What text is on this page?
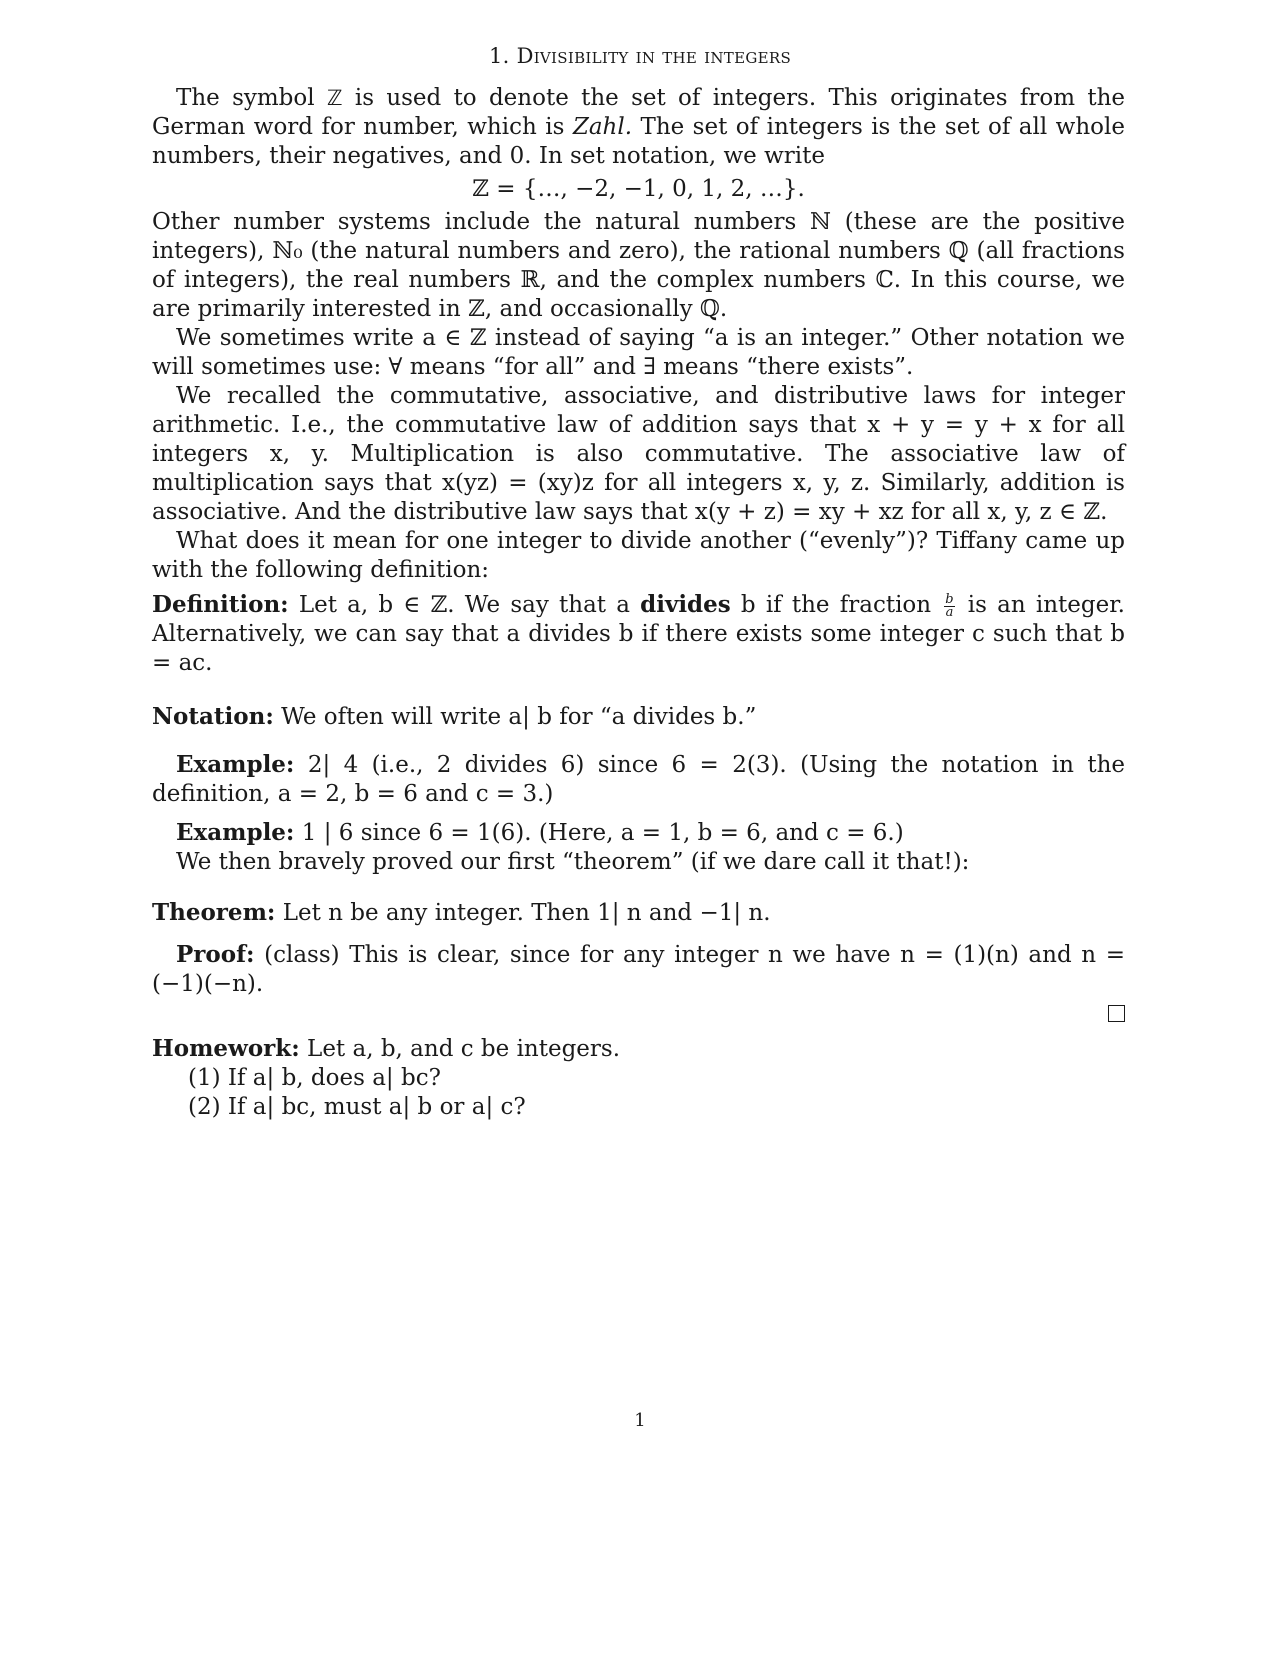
1. Divisibility in the integers

The symbol ℤ is used to denote the set of integers. This originates from the German word for number, which is Zahl. The set of integers is the set of all whole numbers, their negatives, and 0. In set notation, we write

ℤ = {…, −2, −1, 0, 1, 2, …}.

Other number systems include the natural numbers ℕ (these are the positive integers), ℕ₀ (the natural numbers and zero), the rational numbers ℚ (all fractions of integers), the real numbers ℝ, and the complex numbers ℂ. In this course, we are primarily interested in ℤ, and occasionally ℚ.

We sometimes write a ∈ ℤ instead of saying “a is an integer.” Other notation we will sometimes use: ∀ means “for all” and ∃ means “there exists”.

We recalled the commutative, associative, and distributive laws for integer arithmetic. I.e., the commutative law of addition says that x + y = y + x for all integers x, y. Multiplication is also commutative. The associative law of multiplication says that x(yz) = (xy)z for all integers x, y, z. Similarly, addition is associative. And the distributive law says that x(y + z) = xy + xz for all x, y, z ∈ ℤ.

What does it mean for one integer to divide another (“evenly”)? Tiffany came up with the following definition:

Definition: Let a, b ∈ ℤ. We say that a divides b if the fraction $\frac{b}{a}$ is an integer. Alternatively, we can say that a divides b if there exists some integer c such that b = ac.

Notation: We often will write a| b for “a divides b.”

Example: 2| 4 (i.e., 2 divides 6) since 6 = 2(3). (Using the notation in the definition, a = 2, b = 6 and c = 3.)

Example: 1 | 6 since 6 = 1(6). (Here, a = 1, b = 6, and c = 6.)

We then bravely proved our first “theorem” (if we dare call it that!):

Theorem: Let n be any integer. Then 1| n and −1| n.

Proof: (class) This is clear, since for any integer n we have n = (1)(n) and n = (−1)(−n).

Homework: Let a, b, and c be integers.

(1) If a| b, does a| bc?
(2) If a| bc, must a| b or a| c?
1
